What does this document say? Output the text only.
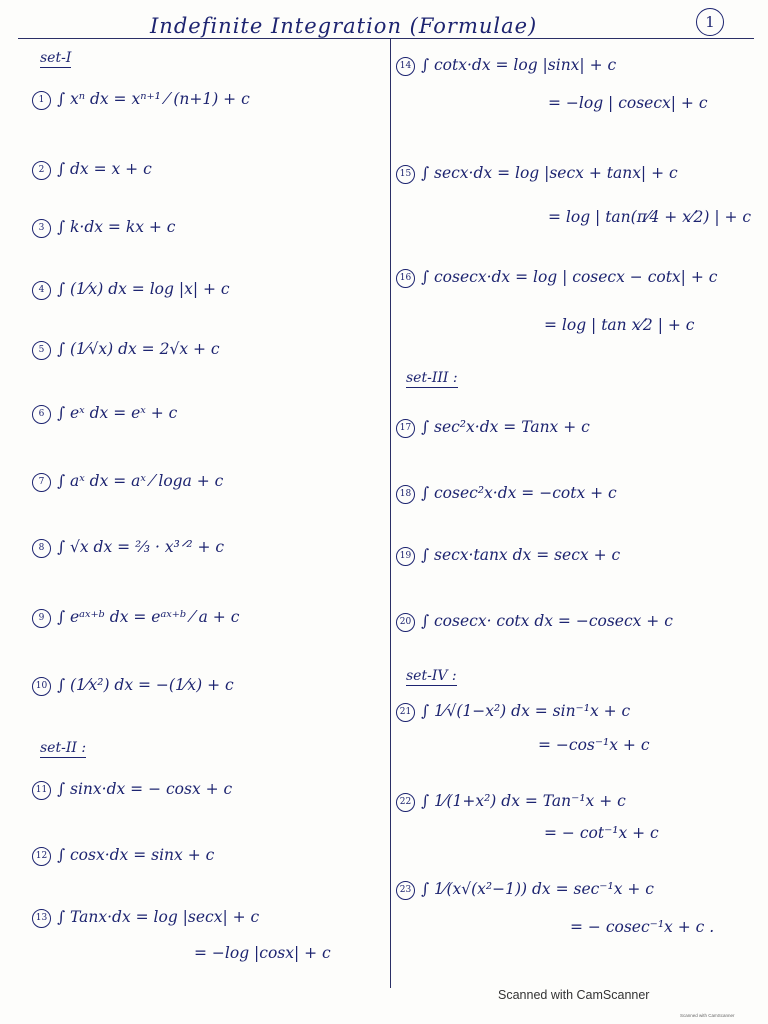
Indefinite Integration (Formulae)	1
set-I
set-II :
set-III :
set-IV :
1 ∫ xⁿ dx = xⁿ⁺¹ ⁄ (n+1) + c
2 ∫ dx = x + c
3 ∫ k·dx = kx + c
4 ∫ (1⁄x) dx = log |x| + c
5 ∫ (1⁄√x) dx = 2√x + c
6 ∫ eˣ dx = eˣ + c
7 ∫ aˣ dx = aˣ ⁄ loga + c
8 ∫ √x dx = ⅔ · x³ᐟ² + c
9 ∫ eᵃˣ⁺ᵇ dx = eᵃˣ⁺ᵇ ⁄ a + c
10 ∫ (1⁄x²) dx = −(1⁄x) + c
11 ∫ sinx·dx = − cosx + c
12 ∫ cosx·dx = sinx + c
13 ∫ Tanx·dx = log |secx| + c
= −log |cosx| + c
14 ∫ cotx·dx = log |sinx| + c
= −log | cosecx| + c
15 ∫ secx·dx = log |secx + tanx| + c
= log | tan(π⁄4 + x⁄2) | + c
16 ∫ cosecx·dx = log | cosecx − cotx| + c
= log | tan x⁄2 | + c
17 ∫ sec²x·dx = Tanx + c
18 ∫ cosec²x·dx = −cotx + c
19 ∫ secx·tanx dx = secx + c
20 ∫ cosecx· cotx dx = −cosecx + c
21 ∫ 1⁄√(1−x²) dx = sin⁻¹x + c
= −cos⁻¹x + c
22 ∫ 1⁄(1+x²) dx = Tan⁻¹x + c
= − cot⁻¹x + c
23 ∫ 1⁄(x√(x²−1)) dx = sec⁻¹x + c
= − cosec⁻¹x + c .
Scanned with CamScanner
Scanned with CamScanner
